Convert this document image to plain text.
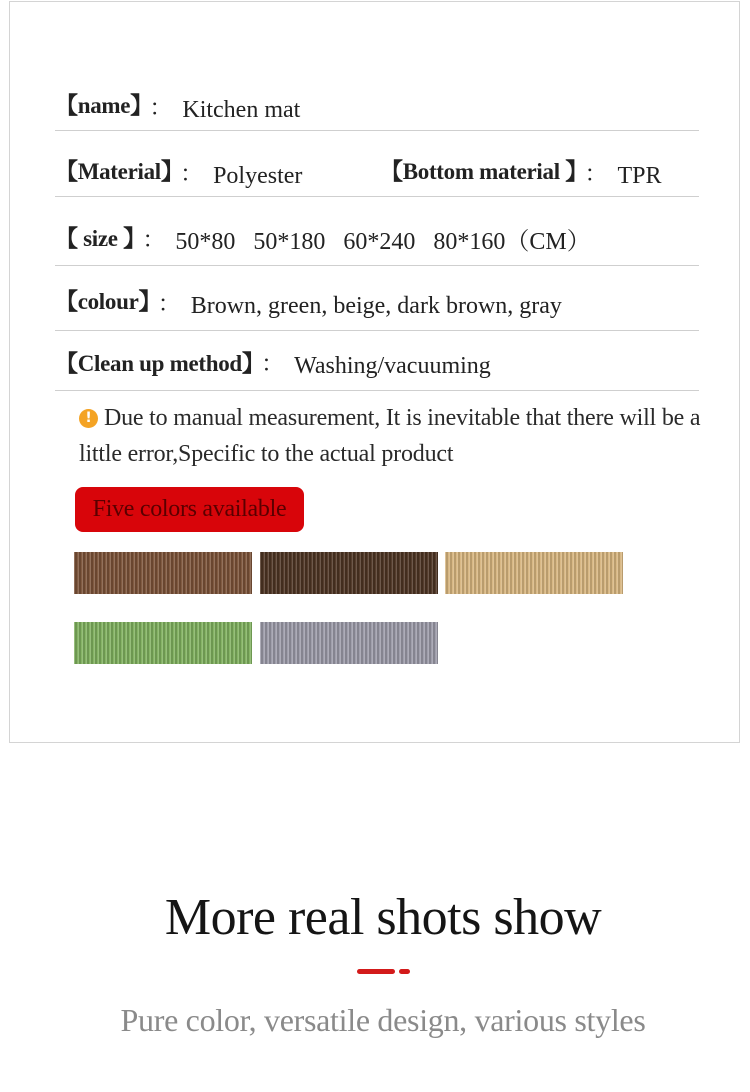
【name】 ： Kitchen mat
【Material】 ： Polyester	【Bottom material 】 ： TPR
【 size 】 ： 50*80   50*180   60*240   80*160（CM）
【colour】 ： Brown, green, beige, dark brown, gray
【Clean up method】 ： Washing/vacuuming
! Due to manual measurement, It is inevitable that there will be a little error,Specific to the actual product
Five colors available
More real shots show
Pure color, versatile design, various styles
